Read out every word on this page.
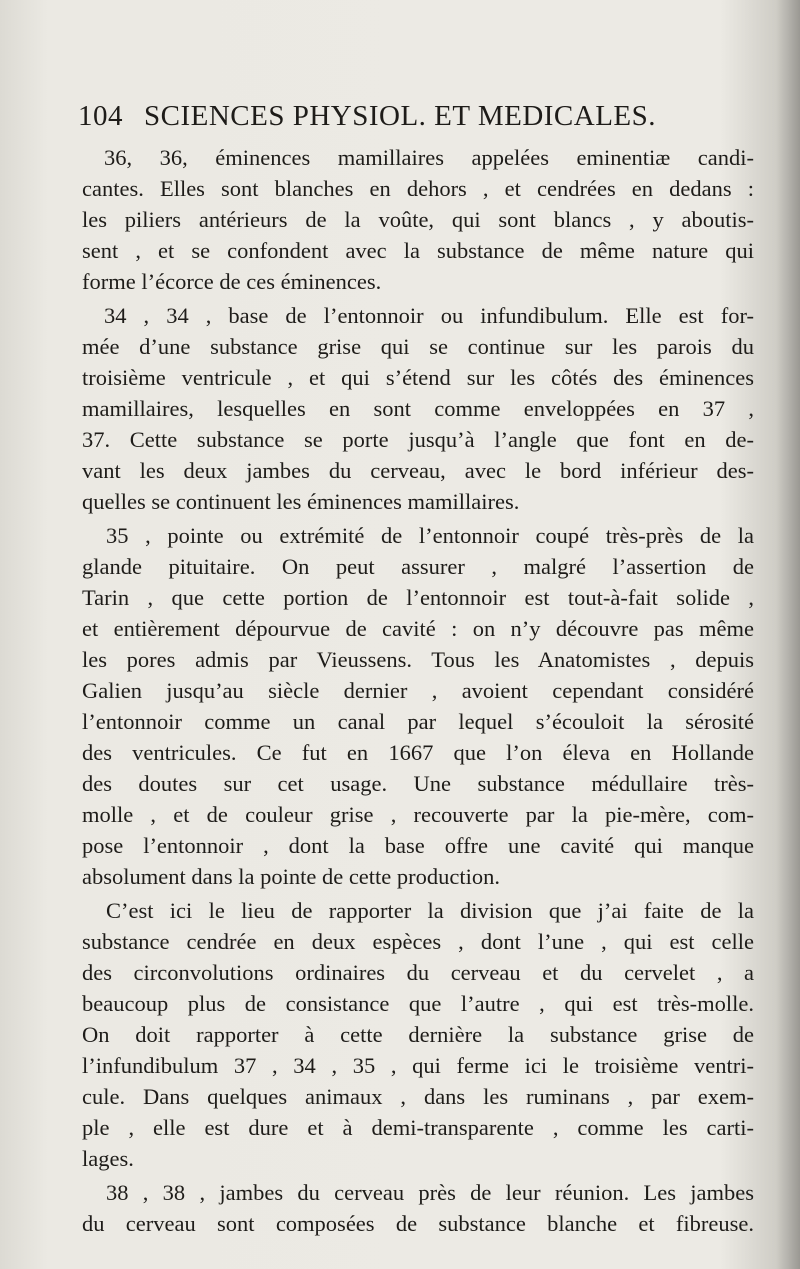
104 SCIENCES PHYSIOL. ET MEDICALES.
36, 36, éminences mamillaires appelées eminentiæ candi-
cantes. Elles sont blanches en dehors , et cendrées en dedans :
les piliers antérieurs de la voûte, qui sont blancs , y aboutis-
sent , et se confondent avec la substance de même nature qui
forme l’écorce de ces éminences.
34 , 34 , base de l’entonnoir ou infundibulum. Elle est for-
mée d’une substance grise qui se continue sur les parois du
troisième ventricule , et qui s’étend sur les côtés des éminences
mamillaires, lesquelles en sont comme enveloppées en 37 ,
37. Cette substance se porte jusqu’à l’angle que font en de-
vant les deux jambes du cerveau, avec le bord inférieur des-
quelles se continuent les éminences mamillaires.
35 , pointe ou extrémité de l’entonnoir coupé très-près de la
glande pituitaire. On peut assurer , malgré l’assertion de
Tarin , que cette portion de l’entonnoir est tout-à-fait solide ,
et entièrement dépourvue de cavité : on n’y découvre pas même
les pores admis par Vieussens. Tous les Anatomistes , depuis
Galien jusqu’au siècle dernier , avoient cependant considéré
l’entonnoir comme un canal par lequel s’écouloit la sérosité
des ventricules. Ce fut en 1667 que l’on éleva en Hollande
des doutes sur cet usage. Une substance médullaire très-
molle , et de couleur grise , recouverte par la pie-mère, com-
pose l’entonnoir , dont la base offre une cavité qui manque
absolument dans la pointe de cette production.
C’est ici le lieu de rapporter la division que j’ai faite de la
substance cendrée en deux espèces , dont l’une , qui est celle
des circonvolutions ordinaires du cerveau et du cervelet , a
beaucoup plus de consistance que l’autre , qui est très-molle.
On doit rapporter à cette dernière la substance grise de
l’infundibulum 37 , 34 , 35 , qui ferme ici le troisième ventri-
cule. Dans quelques animaux , dans les ruminans , par exem-
ple , elle est dure et à demi-transparente , comme les carti-
lages.
38 , 38 , jambes du cerveau près de leur réunion. Les jambes
du cerveau sont composées de substance blanche et fibreuse.
